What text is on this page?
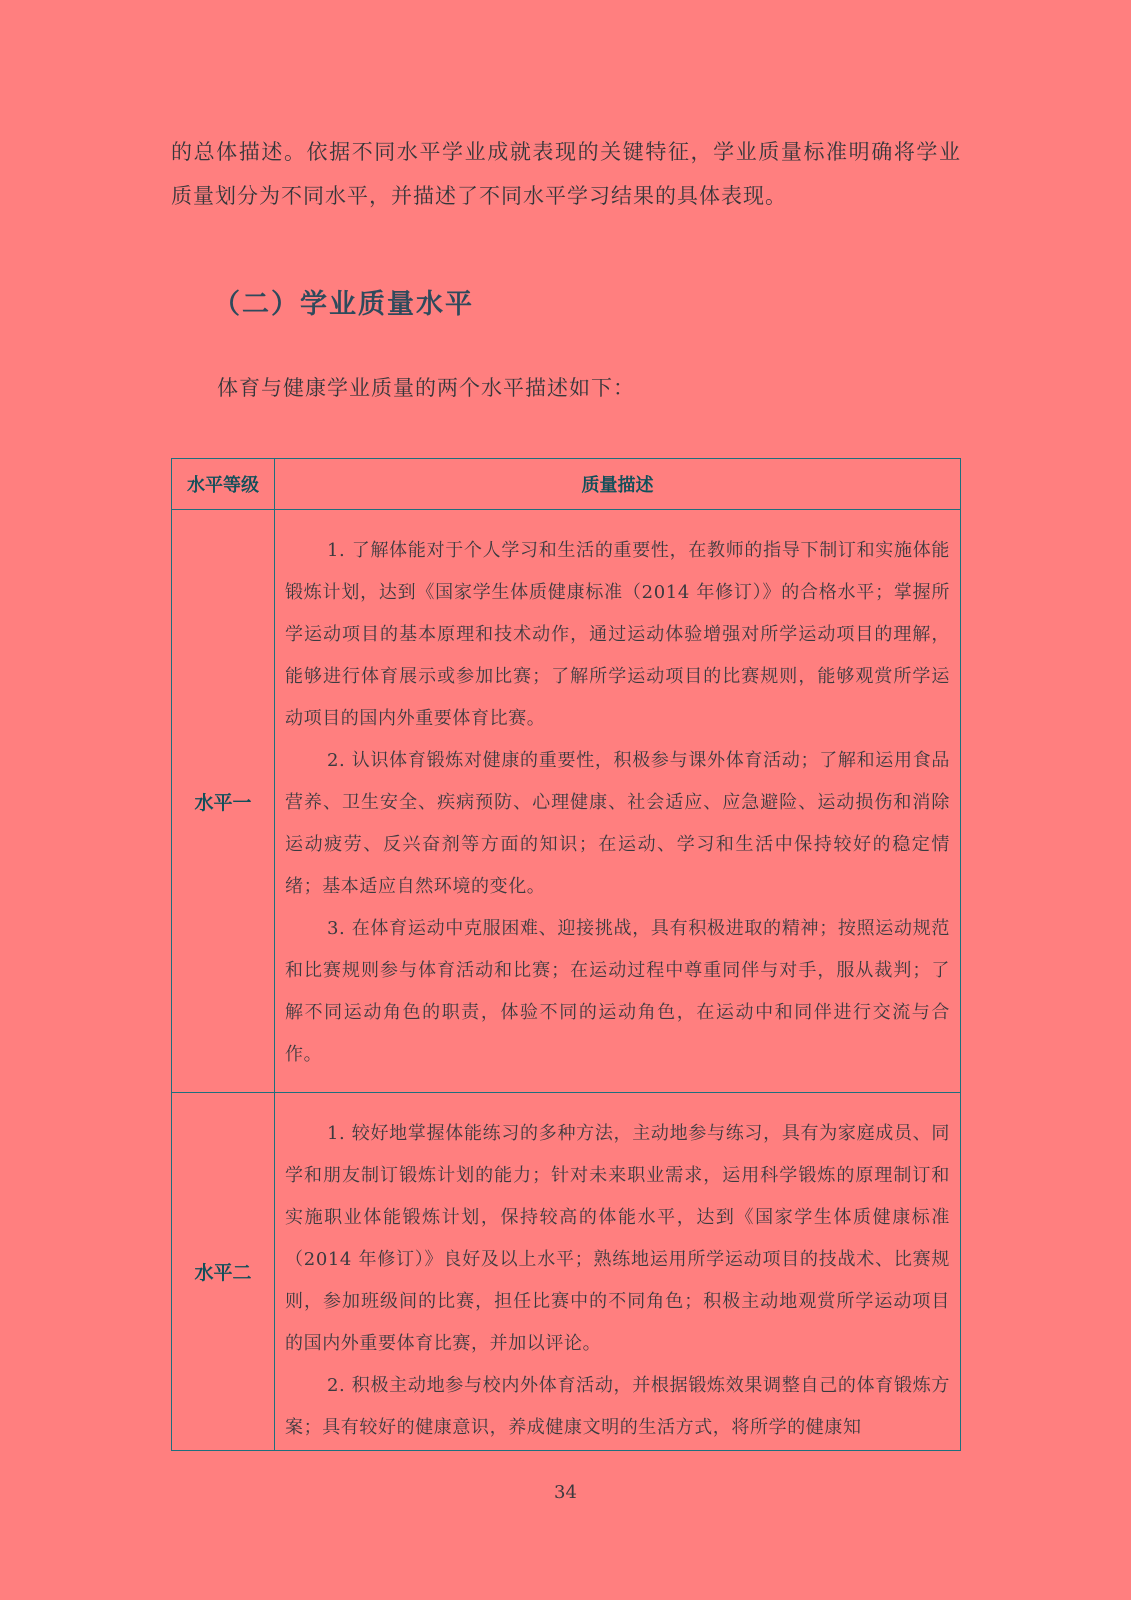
的总体描述。依据不同水平学业成就表现的关键特征，学业质量标准明确将学业质量划分为不同水平，并描述了不同水平学习结果的具体表现。

（二）学业质量水平

体育与健康学业质量的两个水平描述如下：

水平等级	质量描述
水平一	1. 了解体能对于个人学习和生活的重要性，在教师的指导下制订和实施体能锻炼计划，达到《国家学生体质健康标准（2014 年修订）》的合格水平；掌握所学运动项目的基本原理和技术动作，通过运动体验增强对所学运动项目的理解，能够进行体育展示或参加比赛；了解所学运动项目的比赛规则，能够观赏所学运动项目的国内外重要体育比赛。

2. 认识体育锻炼对健康的重要性，积极参与课外体育活动；了解和运用食品营养、卫生安全、疾病预防、心理健康、社会适应、应急避险、运动损伤和消除运动疲劳、反兴奋剂等方面的知识；在运动、学习和生活中保持较好的稳定情绪；基本适应自然环境的变化。

3. 在体育运动中克服困难、迎接挑战，具有积极进取的精神；按照运动规范和比赛规则参与体育活动和比赛；在运动过程中尊重同伴与对手，服从裁判；了解不同运动角色的职责，体验不同的运动角色，在运动中和同伴进行交流与合作。

水平二	1. 较好地掌握体能练习的多种方法，主动地参与练习，具有为家庭成员、同学和朋友制订锻炼计划的能力；针对未来职业需求，运用科学锻炼的原理制订和实施职业体能锻炼计划，保持较高的体能水平，达到《国家学生体质健康标准（2014 年修订）》良好及以上水平；熟练地运用所学运动项目的技战术、比赛规则，参加班级间的比赛，担任比赛中的不同角色；积极主动地观赏所学运动项目的国内外重要体育比赛，并加以评论。

2. 积极主动地参与校内外体育活动，并根据锻炼效果调整自己的体育锻炼方案；具有较好的健康意识，养成健康文明的生活方式，将所学的健康知

34
